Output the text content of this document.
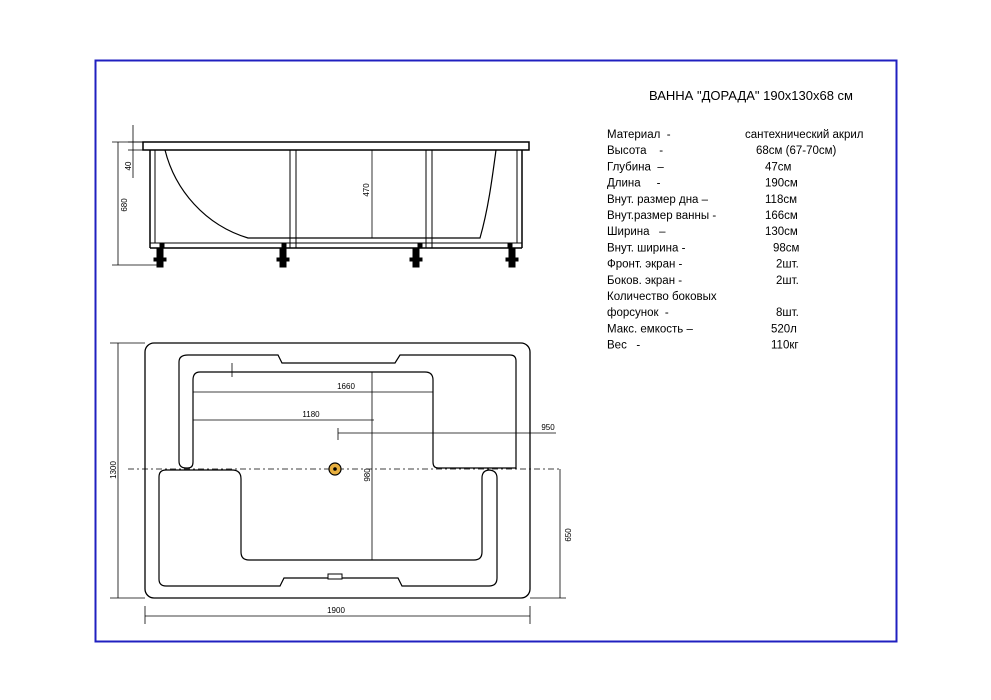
680
40
470
1660
1180
950
980
1300
650
1900
ВАННА "ДОРАДА" 190х130х68 см
Материал  -	сантехнический акрил
Высота    -	68см (67-70см)
Глубина  –	47см
Длина     -	190см
Внут. размер дна –	118см
Внут.размер ванны -	166см
Ширина   –	130см
Внут. ширина -	98см
Фронт. экран -	2шт.
Боков. экран -	2шт.
Количество боковых
форсунок  -	8шт.
Макс. емкость –	520л
Вес   -	110кг
